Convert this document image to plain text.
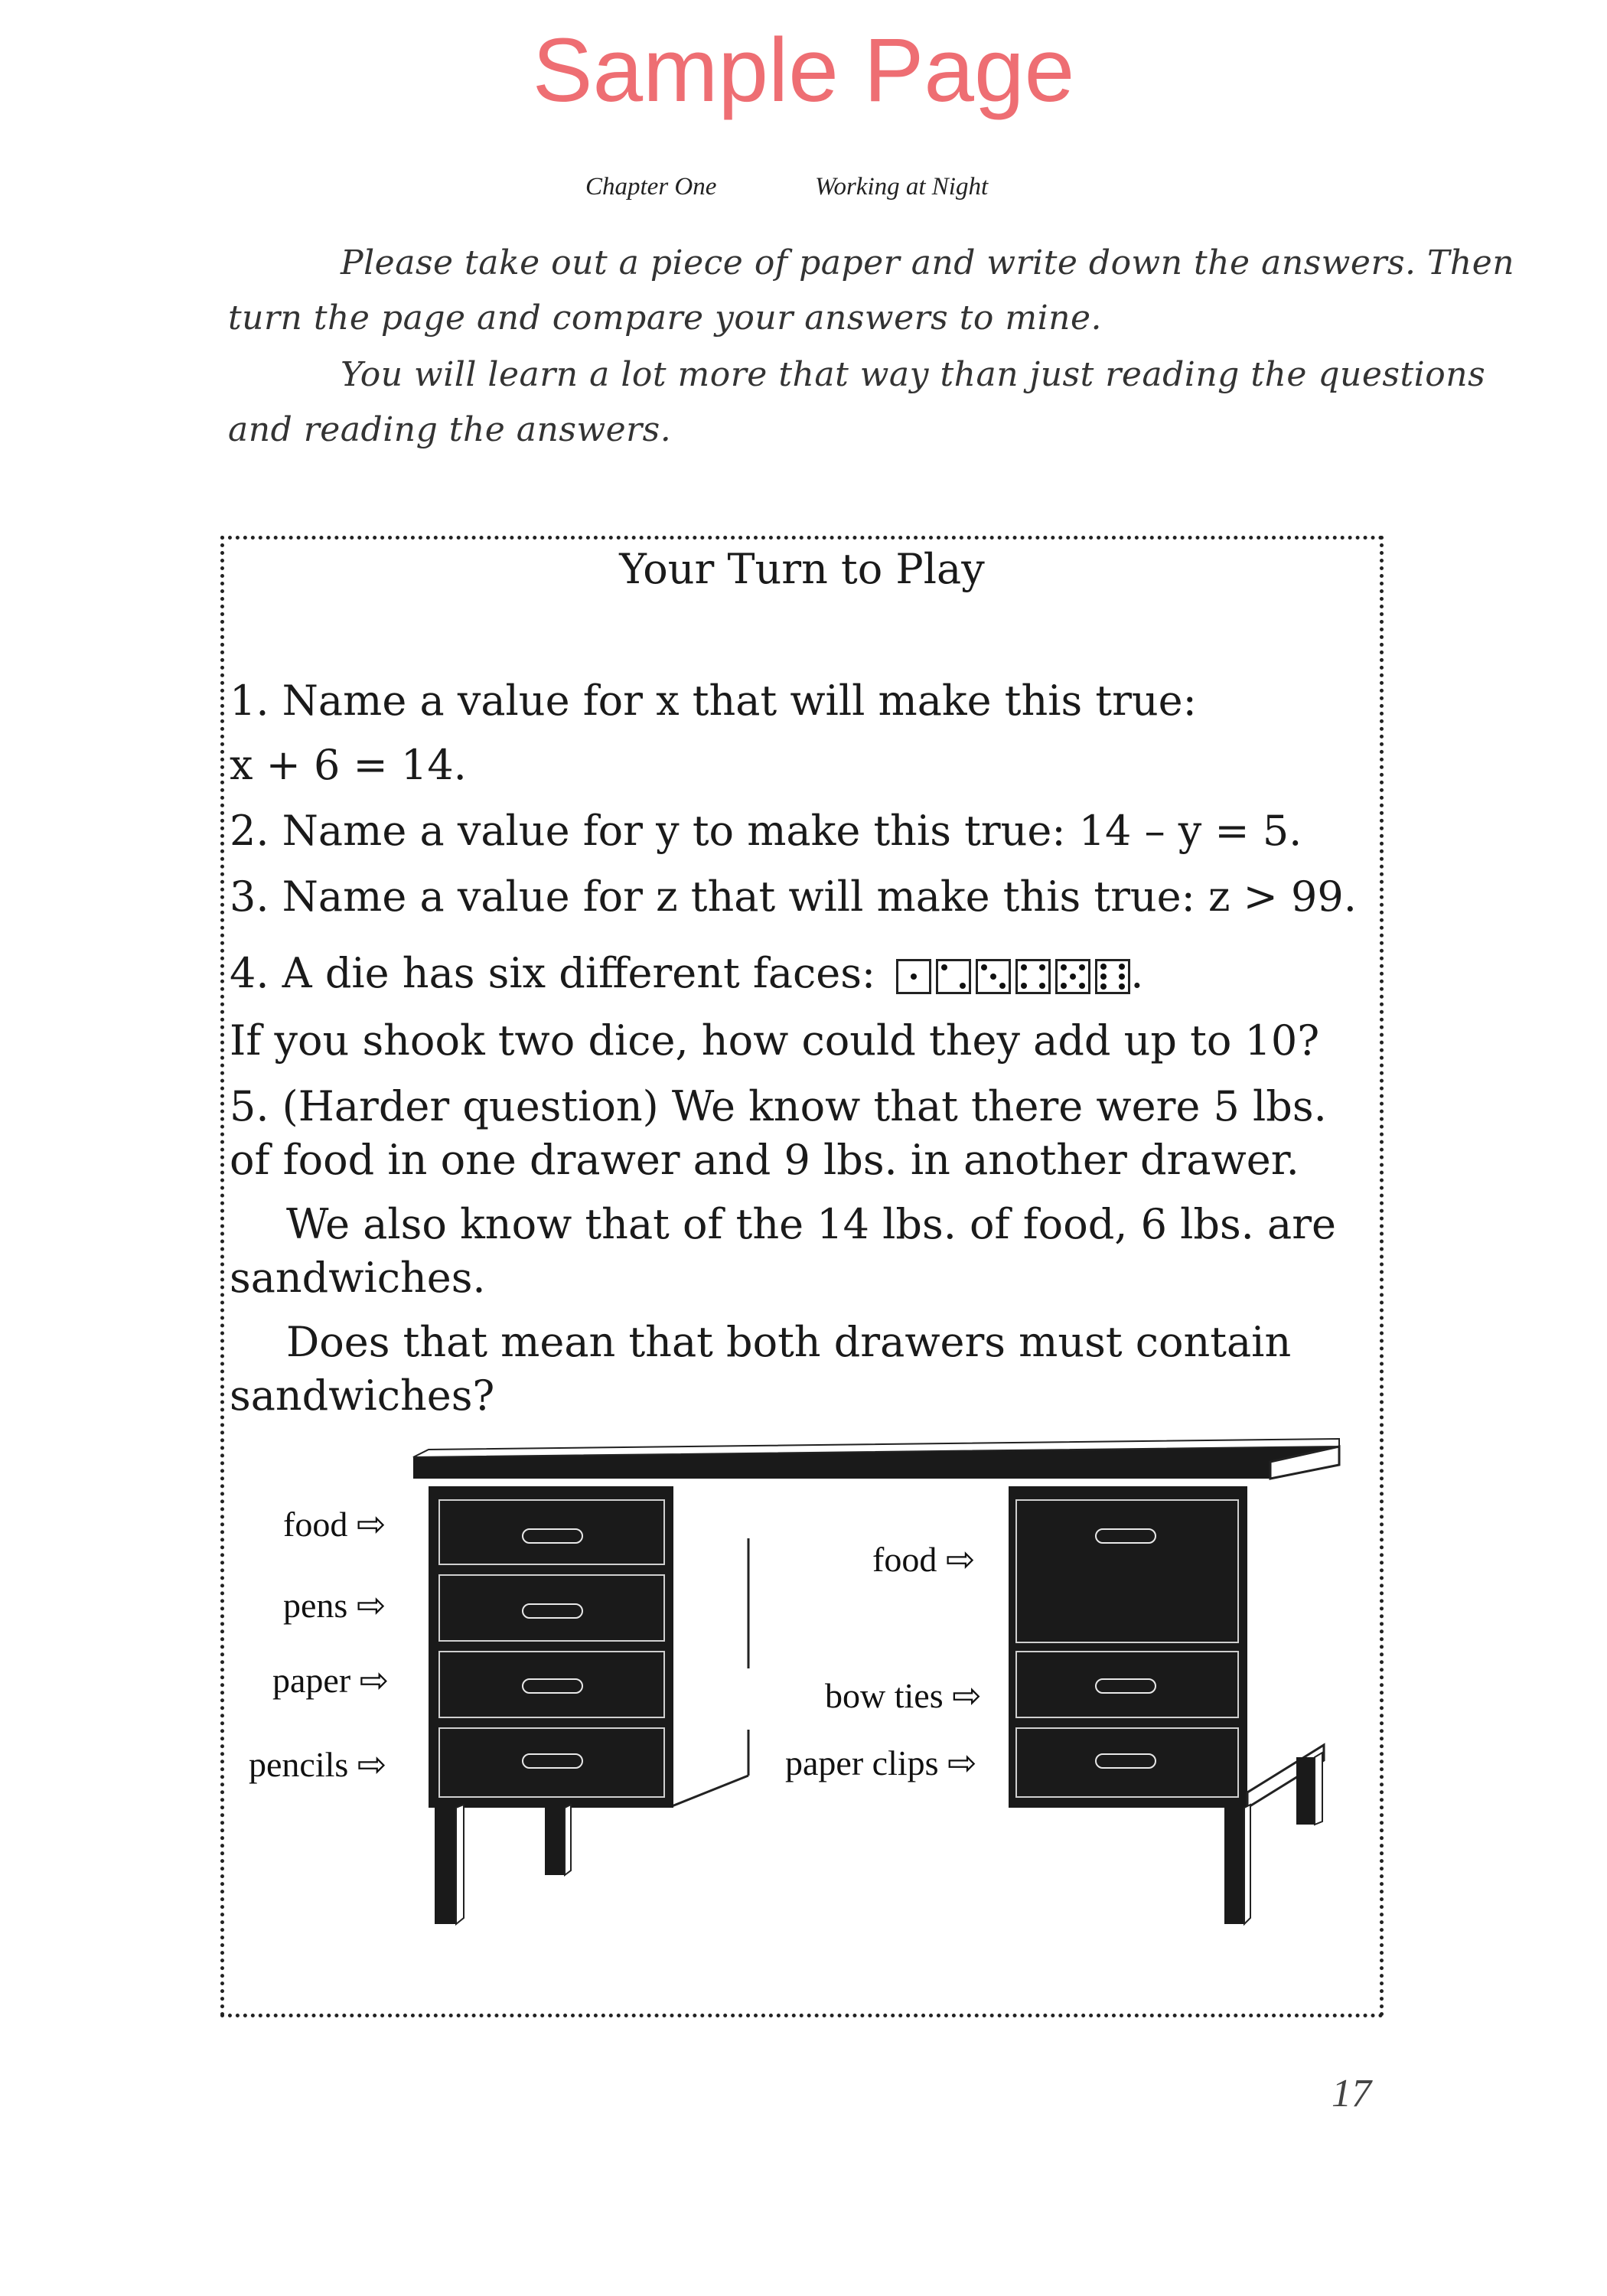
Sample Page
Chapter One	Working at Night
Please take out a piece of paper and write down the answers. Then
turn the page and compare your answers to mine.
You will learn a lot more that way than just reading the questions
and reading the answers.
Your Turn to Play
1. Name a value for x that will make this true:
x + 6 = 14.
2. Name a value for y to make this true: 14 – y = 5.
3. Name a value for z that will make this true: z > 99.
4. A die has six different faces:	.
If you shook two dice, how could they add up to 10?
5. (Harder question) We know that there were 5 lbs.
of food in one drawer and 9 lbs. in another drawer.
We also know that of the 14 lbs. of food, 6 lbs. are
sandwiches.
Does that mean that both drawers must contain
sandwiches?
food ⇨
pens ⇨
paper ⇨
pencils ⇨
food ⇨
bow ties ⇨
paper clips ⇨
17
